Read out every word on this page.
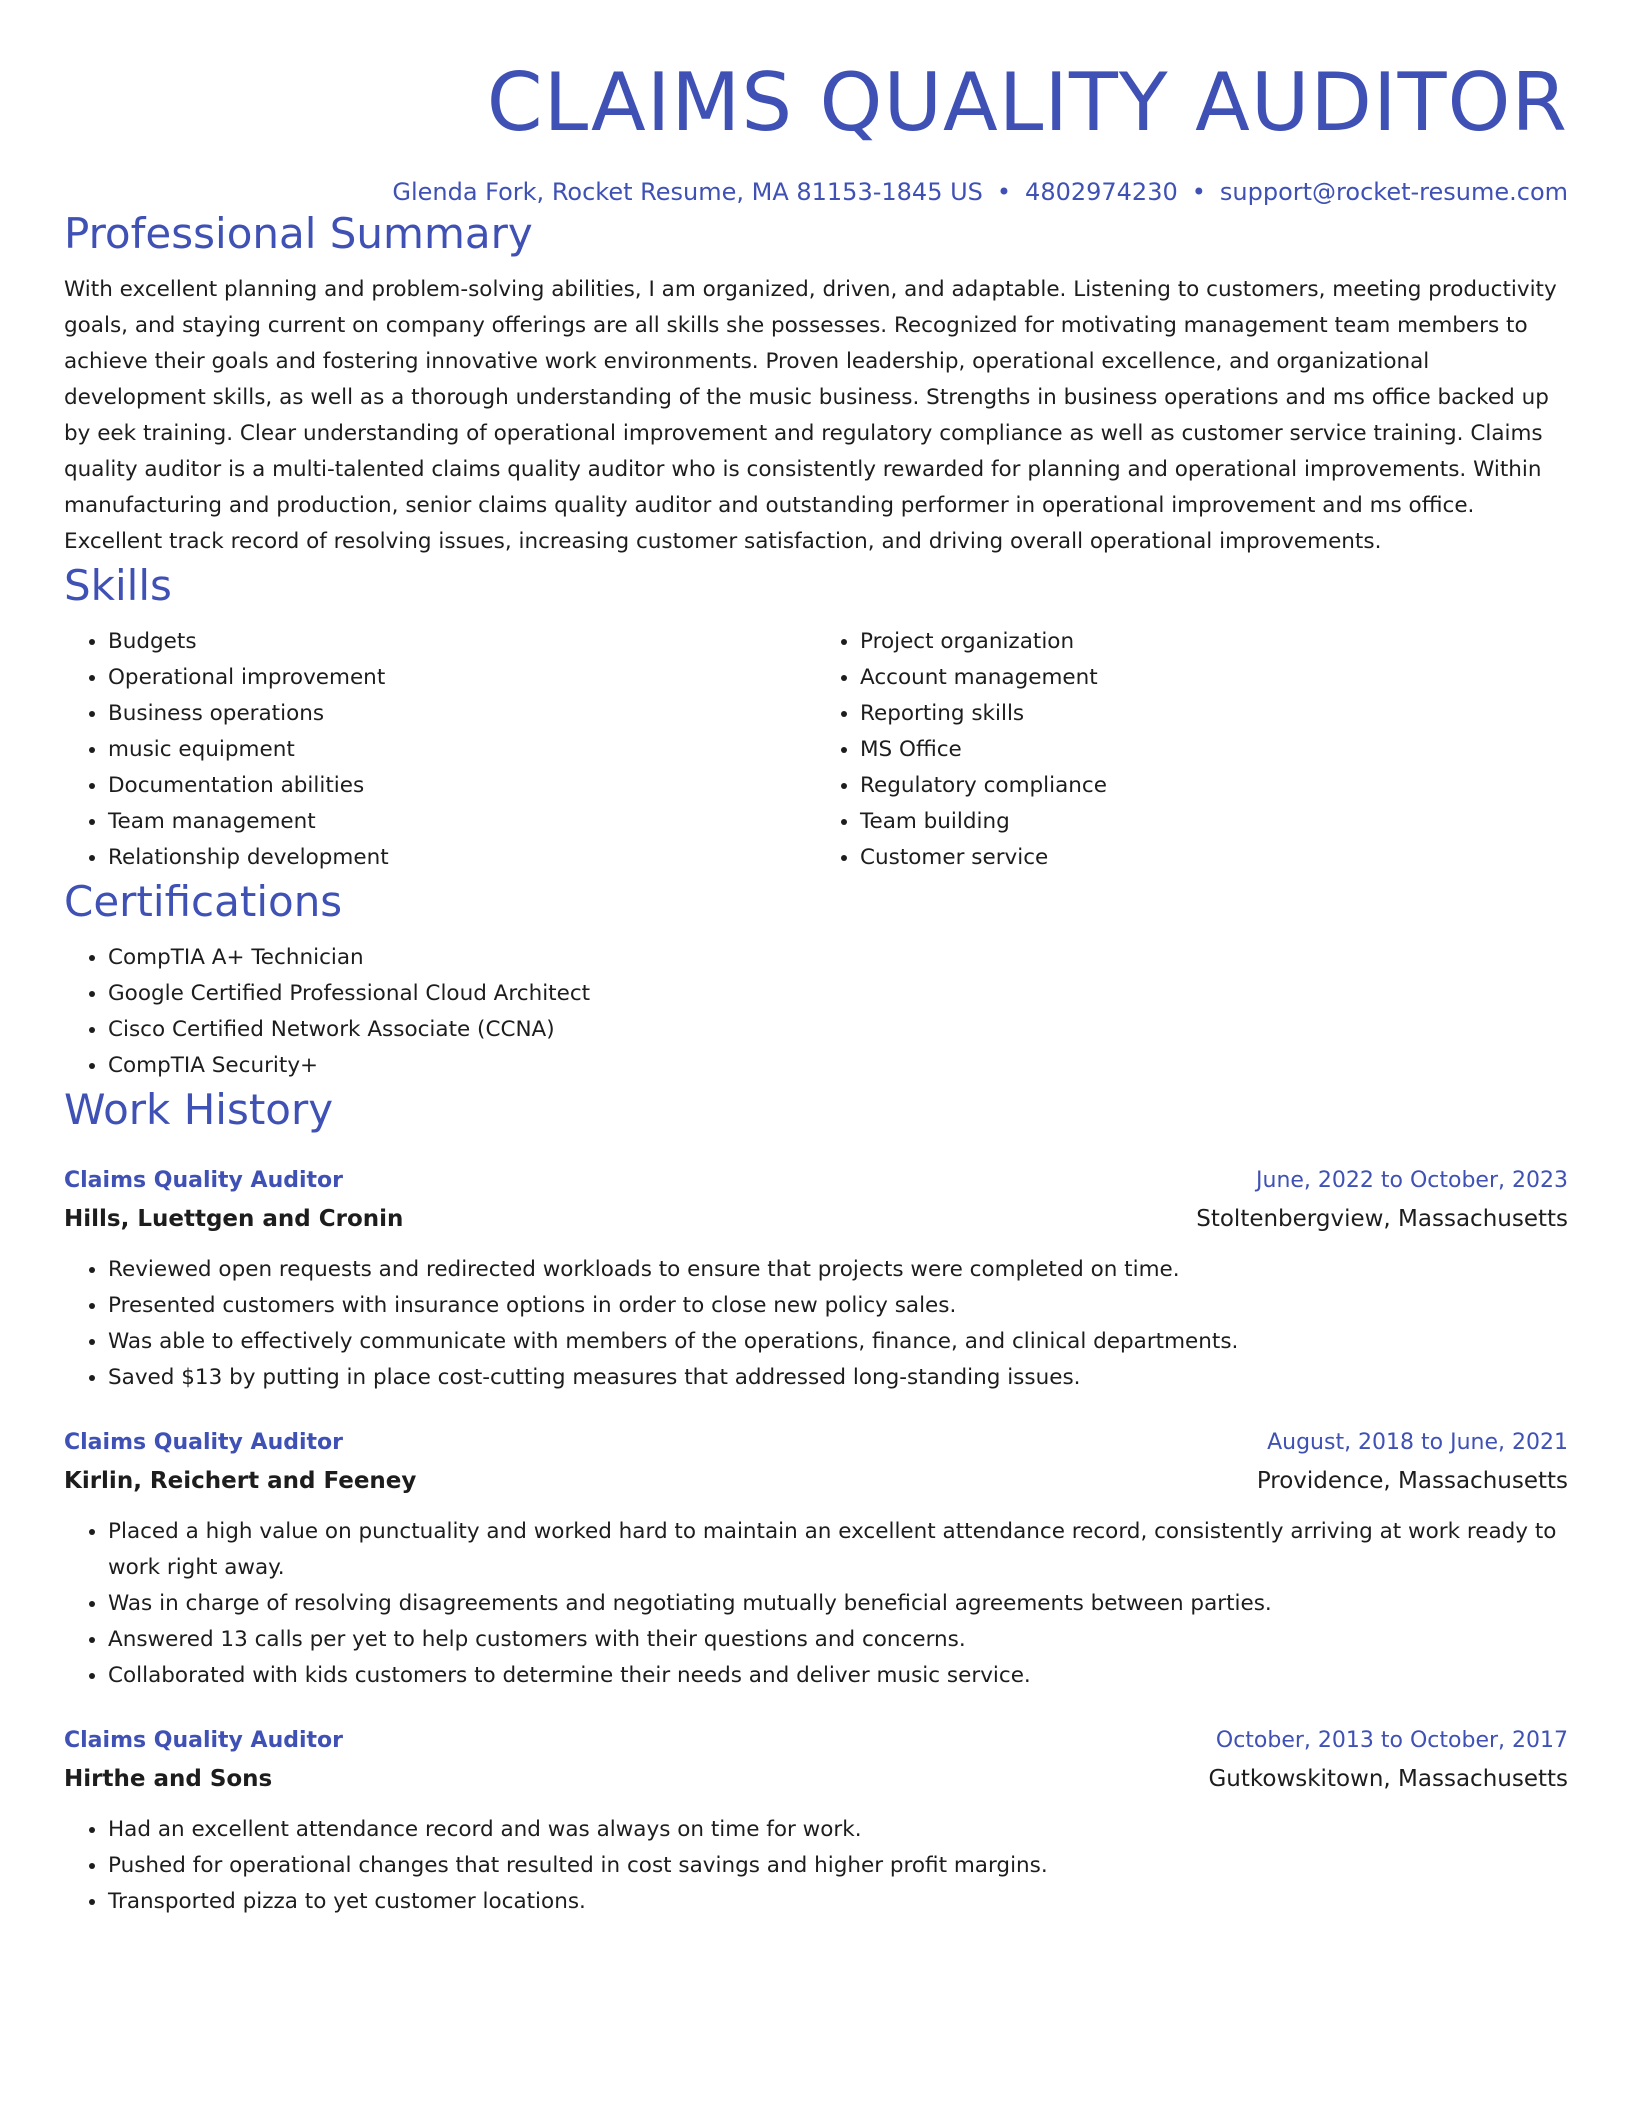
CLAIMS QUALITY AUDITOR
Glenda Fork, Rocket Resume, MA 81153-1845 US • 4802974230 • support@rocket-resume.com
Professional Summary

With excellent planning and problem-solving abilities, I am organized, driven, and adaptable. Listening to customers, meeting productivity goals, and staying current on company offerings are all skills she possesses. Recognized for motivating management team members to achieve their goals and fostering innovative work environments. Proven leadership, operational excellence, and organizational development skills, as well as a thorough understanding of the music business. Strengths in business operations and ms office backed up by eek training. Clear understanding of operational improvement and regulatory compliance as well as customer service training. Claims quality auditor is a multi-talented claims quality auditor who is consistently rewarded for planning and operational improvements. Within manufacturing and production, senior claims quality auditor and outstanding performer in operational improvement and ms office. Excellent track record of resolving issues, increasing customer satisfaction, and driving overall operational improvements.

Skills
• Budgets
• Operational improvement
• Business operations
• music equipment
• Documentation abilities
• Team management
• Relationship development
• Project organization
• Account management
• Reporting skills
• MS Office
• Regulatory compliance
• Team building
• Customer service
Certifications
• CompTIA A+ Technician
• Google Certified Professional Cloud Architect
• Cisco Certified Network Associate (CCNA)
• CompTIA Security+
Work History
Claims Quality Auditor	June, 2022 to October, 2023
Hills, Luettgen and Cronin	Stoltenbergview, Massachusetts
• Reviewed open requests and redirected workloads to ensure that projects were completed on time.
• Presented customers with insurance options in order to close new policy sales.
• Was able to effectively communicate with members of the operations, finance, and clinical departments.
• Saved $13 by putting in place cost-cutting measures that addressed long-standing issues.
Claims Quality Auditor	August, 2018 to June, 2021
Kirlin, Reichert and Feeney	Providence, Massachusetts
• Placed a high value on punctuality and worked hard to maintain an excellent attendance record, consistently arriving at work ready to work right away.
• Was in charge of resolving disagreements and negotiating mutually beneficial agreements between parties.
• Answered 13 calls per yet to help customers with their questions and concerns.
• Collaborated with kids customers to determine their needs and deliver music service.
Claims Quality Auditor	October, 2013 to October, 2017
Hirthe and Sons	Gutkowskitown, Massachusetts
• Had an excellent attendance record and was always on time for work.
• Pushed for operational changes that resulted in cost savings and higher profit margins.
• Transported pizza to yet customer locations.
